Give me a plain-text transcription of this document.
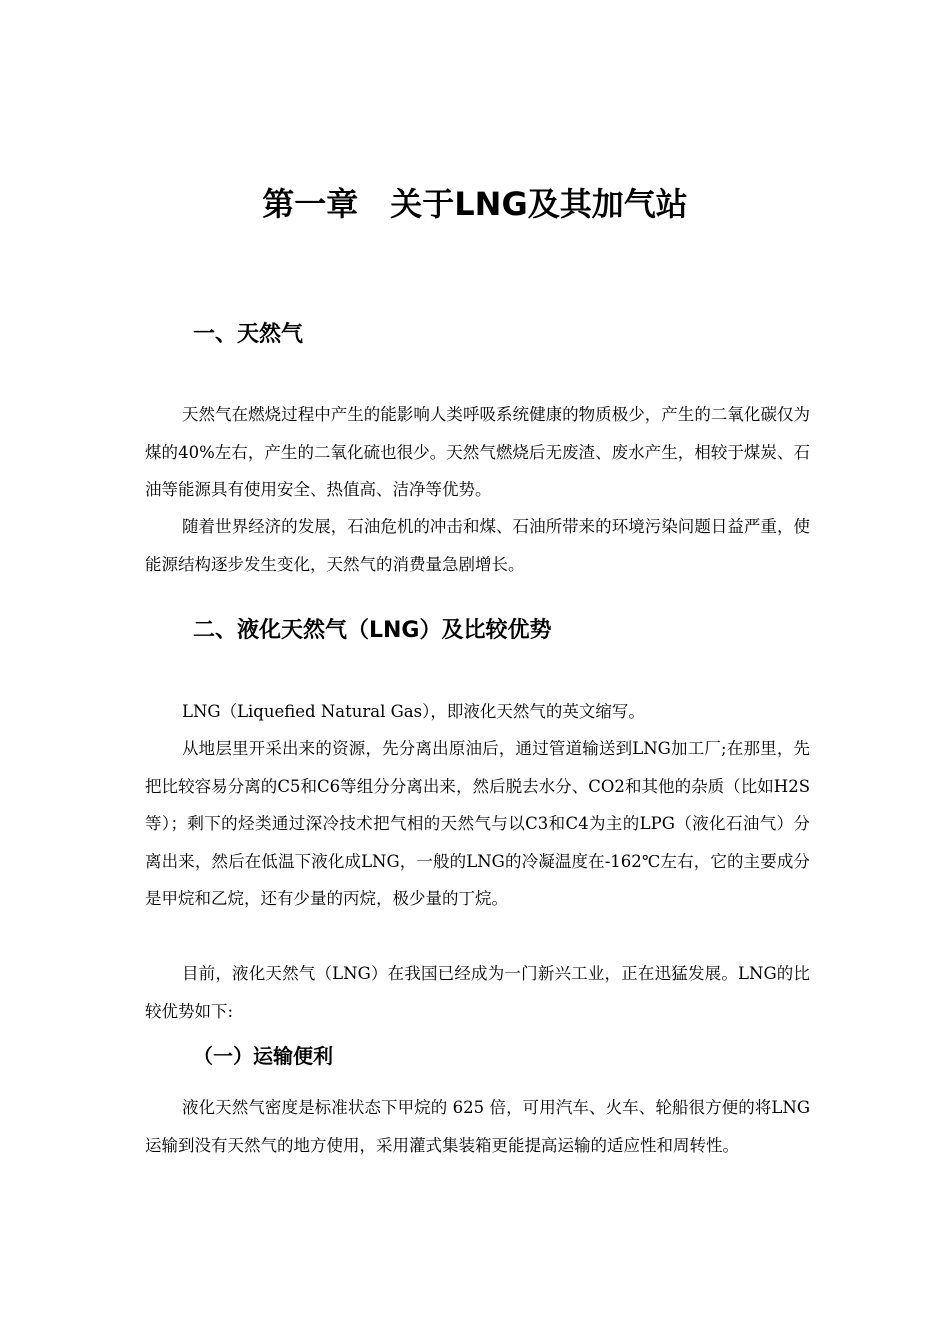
第一章　关于LNG及其加气站
一、天然气

天然气在燃烧过程中产生的能影响人类呼吸系统健康的物质极少，产生的二氧化碳仅为煤的40%左右，产生的二氧化硫也很少。天然气燃烧后无废渣、废水产生，相较于煤炭、石油等能源具有使用安全、热值高、洁净等优势。

随着世界经济的发展，石油危机的冲击和煤、石油所带来的环境污染问题日益严重，使能源结构逐步发生变化，天然气的消费量急剧增长。

二、液化天然气（LNG）及比较优势

LNG（Liquefied Natural Gas），即液化天然气的英文缩写。

从地层里开采出来的资源，先分离出原油后，通过管道输送到LNG加工厂;在那里，先把比较容易分离的C5和C6等组分分离出来，然后脱去水分、CO2和其他的杂质（比如H2S等）；剩下的烃类通过深冷技术把气相的天然气与以C3和C4为主的LPG（液化石油气）分离出来，然后在低温下液化成LNG，一般的LNG的冷凝温度在-162℃左右，它的主要成分是甲烷和乙烷，还有少量的丙烷，极少量的丁烷。

目前，液化天然气（LNG）在我国已经成为一门新兴工业，正在迅猛发展。LNG的比较优势如下:

（一）运输便利

液化天然气密度是标准状态下甲烷的 625 倍，可用汽车、火车、轮船很方便的将LNG运输到没有天然气的地方使用，采用灌式集装箱更能提高运输的适应性和周转性。
